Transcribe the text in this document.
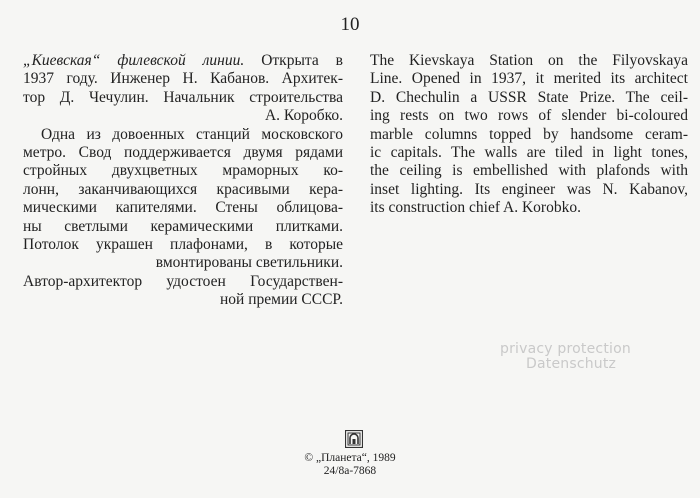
10
„Киевская“ филевской линии. Открыта в
1937 году. Инженер Н. Кабанов. Архитек-
тор Д. Чечулин. Начальник строительства
А. Коробко.
Одна из довоенных станций московского
метро. Свод поддерживается двумя рядами
стройных двухцветных мраморных ко-
лонн, заканчивающихся красивыми кера-
мическими капителями. Стены облицова-
ны светлыми керамическими плитками.
Потолок украшен плафонами, в которые
вмонтированы светильники.
Автор-архитектор удостоен Государствен-
ной премии СССР.
The Kievskaya Station on the Filyovskaya
Line. Opened in 1937, it merited its architect
D. Chechulin a USSR State Prize. The ceil-
ing rests on two rows of slender bi-coloured
marble columns topped by handsome ceram-
ic capitals. The walls are tiled in light tones,
the ceiling is embellished with plafonds with
inset lighting. Its engineer was N. Kabanov,
its construction chief A. Korobko.
privacy protection
Datenschutz
© „Планета“, 1989
24/8а-7868
